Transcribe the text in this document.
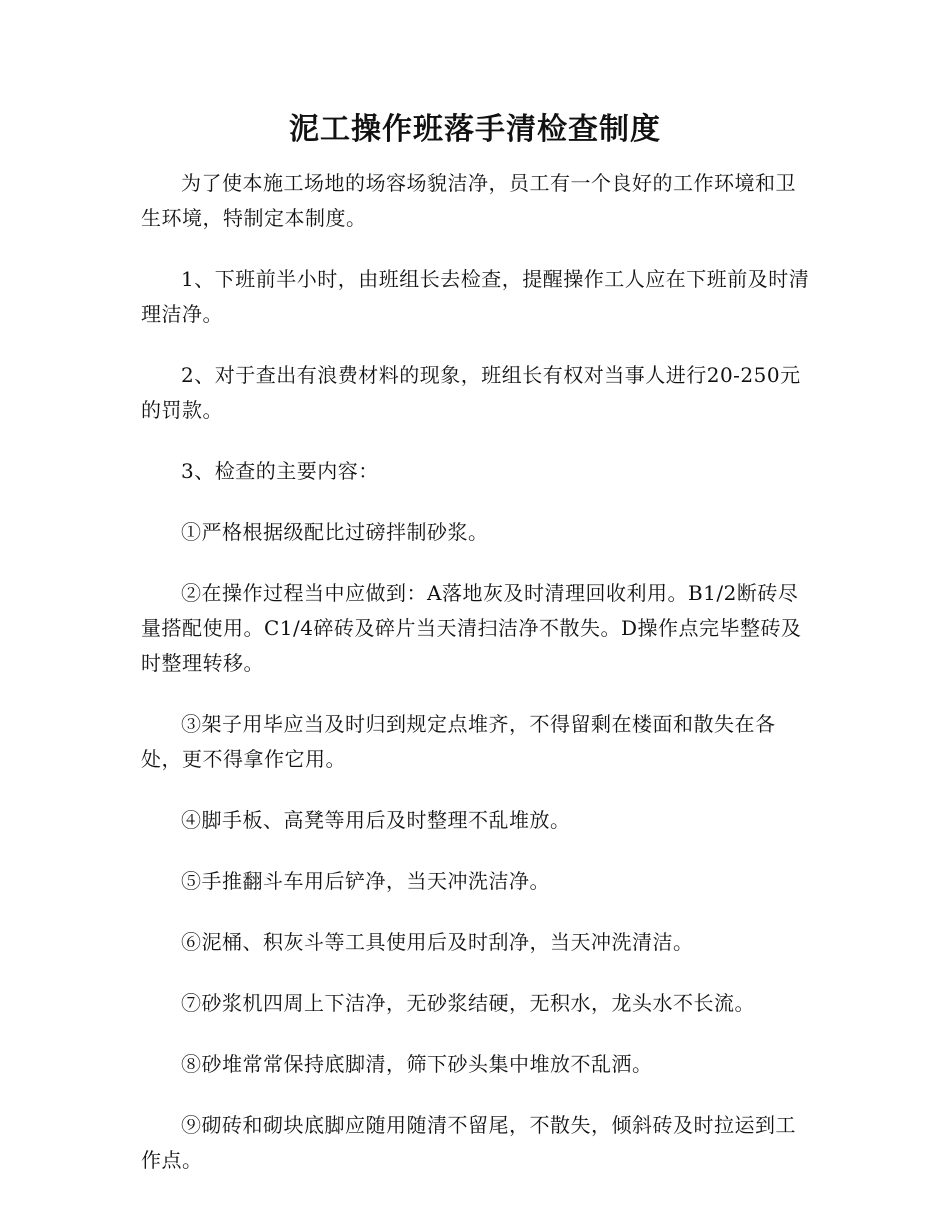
泥工操作班落手清检查制度

为了使本施工场地的场容场貌洁净，员工有一个良好的工作环境和卫生环境，特制定本制度。

1、下班前半小时，由班组长去检查，提醒操作工人应在下班前及时清理洁净。

2、对于查出有浪费材料的现象，班组长有权对当事人进行20-250元的罚款。

3、检查的主要内容：

①严格根据级配比过磅拌制砂浆。

②在操作过程当中应做到：A落地灰及时清理回收利用。B1/2断砖尽量搭配使用。C1/4碎砖及碎片当天清扫洁净不散失。D操作点完毕整砖及时整理转移。

③架子用毕应当及时归到规定点堆齐，不得留剩在楼面和散失在各处，更不得拿作它用。

④脚手板、高凳等用后及时整理不乱堆放。

⑤手推翻斗车用后铲净，当天冲洗洁净。

⑥泥桶、积灰斗等工具使用后及时刮净，当天冲洗清洁。

⑦砂浆机四周上下洁净，无砂浆结硬，无积水，龙头水不长流。

⑧砂堆常常保持底脚清，筛下砂头集中堆放不乱洒。

⑨砌砖和砌块底脚应随用随清不留尾，不散失，倾斜砖及时拉运到工作点。
